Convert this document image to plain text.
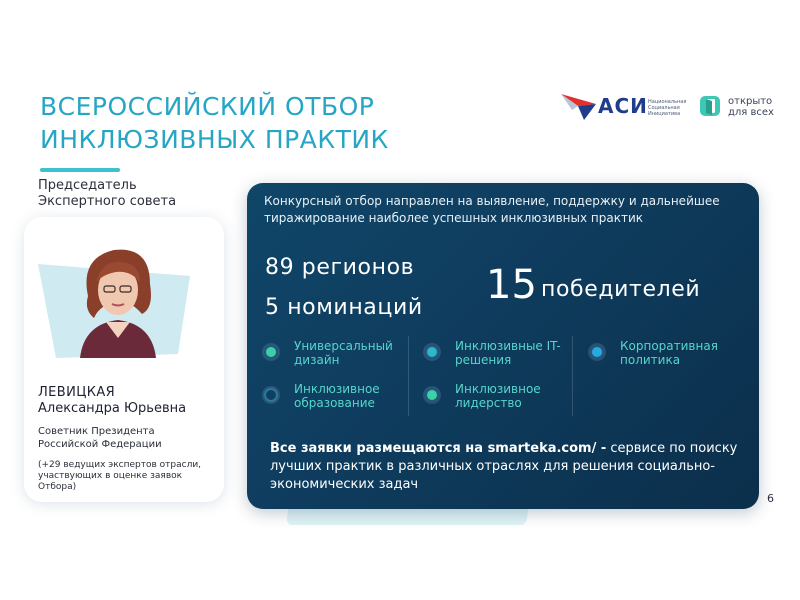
ВСЕРОССИЙСКИЙ ОТБОР
ИНКЛЮЗИВНЫХ ПРАКТИК
АСИ Национальная Социальная Инициатива
открыто
для всех
Председатель Экспертного совета
ЛЕВИЦКАЯ
Александра Юрьевна
Советник Президента Российской Федерации
(+29 ведущих экспертов отрасли, участвующих в оценке заявок Отбора)
Конкурсный отбор направлен на выявление, поддержку и дальнейшее тиражирование наиболее успешных инклюзивных практик
89 регионов
5 номинаций 15 победителей
Универсальный дизайн
Инклюзивные IT-решения
Корпоративная политика
Инклюзивное образование
Инклюзивное лидерство
Все заявки размещаются на smarteka.com/ - сервисе по поиску лучших практик в различных отраслях для решения социально-экономических задач
6
